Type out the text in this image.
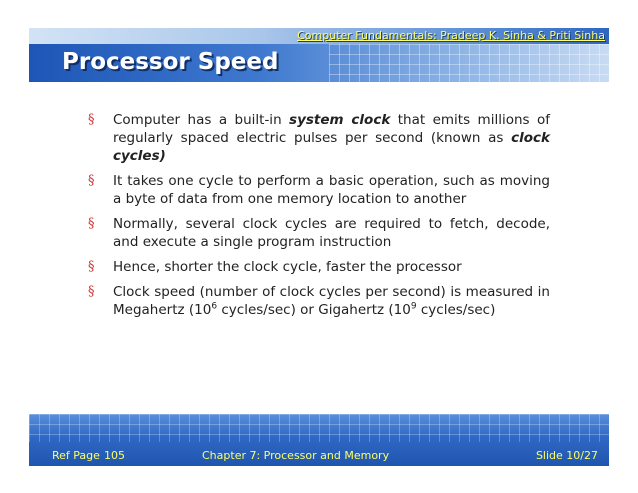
Computer Fundamentals: Pradeep K. Sinha & Priti Sinha
Processor Speed
§	Computer has a built-in system clock that emits millions of regularly spaced electric pulses per second (known as clock cycles)
§	It takes one cycle to perform a basic operation, such as moving a byte of data from one memory location to another
§	Normally, several clock cycles are required to fetch, decode, and execute a single program instruction
§	Hence, shorter the clock cycle, faster the processor
§	Clock speed (number of clock cycles per second) is measured in Megahertz ($10^6$ cycles/sec) or Gigahertz ($10^9$ cycles/sec)
Ref Page 105	Chapter 7: Processor and Memory	Slide 10/27
